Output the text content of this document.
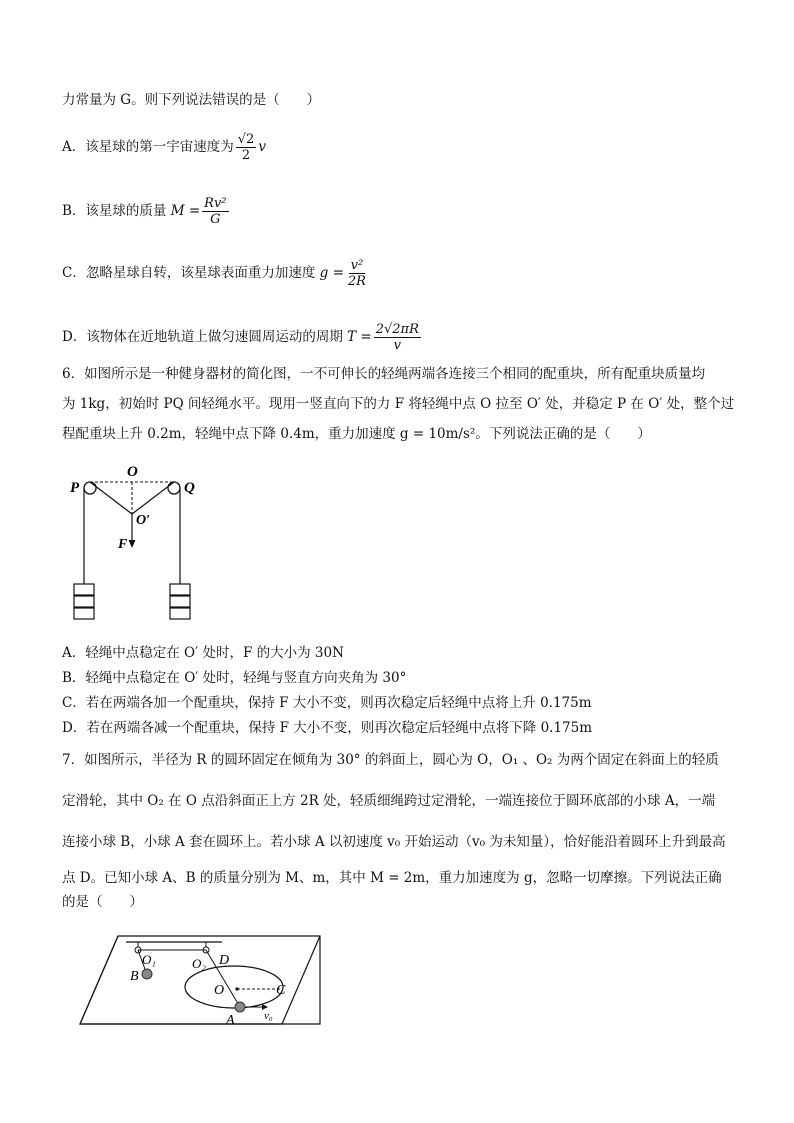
力常量为 G。则下列说法错误的是（　　）
A．该星球的第一宇宙速度为 $\frac{√2}{2}$ v
B．该星球的质量 $M = \frac{\text{Rv²}}{G}$
C．忽略星球自转，该星球表面重力加速度 $g = \frac{\text{v²}}{2R}$
D．该物体在近地轨道上做匀速圆周运动的周期 $T = \frac{2√2\pi R}{v}$
6．如图所示是一种健身器材的简化图，一不可伸长的轻绳两端各连接三个相同的配重块，所有配重块质量均
为 1kg，初始时 PQ 间轻绳水平。现用一竖直向下的力 F 将轻绳中点 O 拉至 O′ 处，并稳定 P 在 O′ 处，整个过
程配重块上升 0.2m，轻绳中点下降 0.4m，重力加速度 g = 10m/s²。下列说法正确的是（　　）
P	Q
O
O′
F
A．轻绳中点稳定在 O′ 处时，F 的大小为 30N
B．轻绳中点稳定在 O′ 处时，轻绳与竖直方向夹角为 30°
C．若在两端各加一个配重块，保持 F 大小不变，则再次稳定后轻绳中点将上升 0.175m
D．若在两端各减一个配重块，保持 F 大小不变，则再次稳定后轻绳中点将下降 0.175m
7．如图所示，半径为 R 的圆环固定在倾角为 30° 的斜面上，圆心为 O，O₁ 、O₂ 为两个固定在斜面上的轻质
定滑轮，其中 O₂ 在 O 点沿斜面正上方 2R 处，轻质细绳跨过定滑轮，一端连接位于圆环底部的小球 A，一端
连接小球 B，小球 A 套在圆环上。若小球 A 以初速度 v₀ 开始运动（v₀ 为未知量），恰好能沿着圆环上升到最高
点 D。已知小球 A、B 的质量分别为 M、m，其中 M = 2m，重力加速度为 g，忽略一切摩擦。下列说法正确
的是（　　）
O₁	O₂
B
D
O	C
A	v₀
